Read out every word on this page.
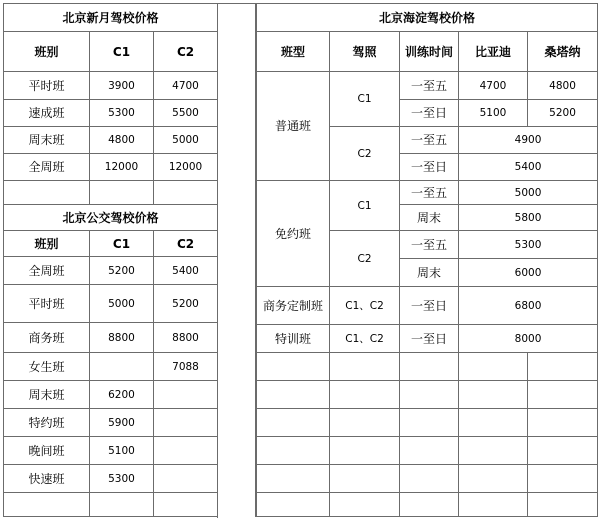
北京新月驾校价格		
班别	C1	C2
平时班	3900	4700
速成班	5300	5500
周末班	4800	5000
全周班	12000	12000

北京公交驾校价格		
班别	C1	C2
全周班	5200	5400
平时班	5000	5200
商务班	8800	8800
女生班		7088
周末班	6200	
特约班	5900	
晚间班	5100	
快速班	5300	

北京海淀驾校价格				
班型	驾照	训练时间	比亚迪	桑塔纳
普通班	C1	一至五	4700	4800
		一至日	5100	5200
	C2	一至五	4900	
		一至日	5400	
免约班	C1	一至五	5000	
		周末	5800	
	C2	一至五	5300	
		周末	6000	
商务定制班	C1、C2	一至日	6800	
特训班	C1、C2	一至日	8000	
